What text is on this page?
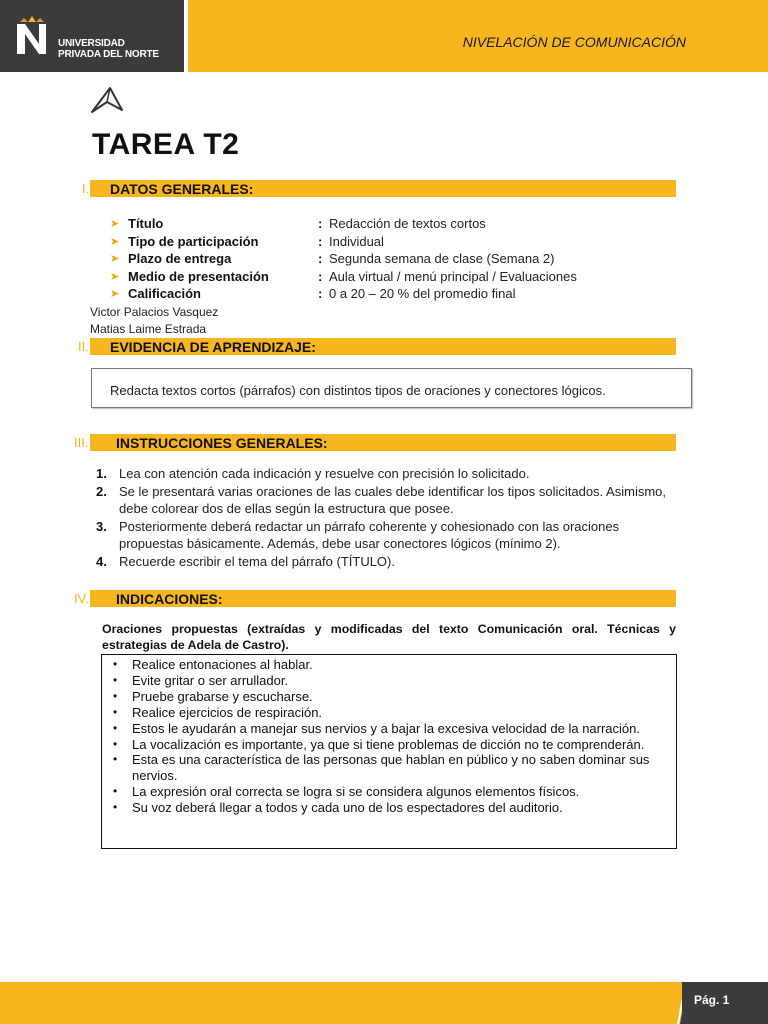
UNIVERSIDAD
PRIVADA DEL NORTE
NIVELACIÓN DE COMUNICACIÓN
TAREA T2
I. DATOS GENERALES:
➤ Título	: Redacción de textos cortos
➤ Tipo de participación	: Individual
➤ Plazo de entrega	: Segunda semana de clase (Semana 2)
➤ Medio de presentación	: Aula virtual / menú principal / Evaluaciones
➤ Calificación	: 0 a 20 – 20 % del promedio final
Victor Palacios Vasquez
Matias Laime Estrada
II. EVIDENCIA DE APRENDIZAJE:

Redacta textos cortos (párrafos) con distintos tipos de oraciones y conectores lógicos.

III. INSTRUCCIONES GENERALES:
1. Lea con atención cada indicación y resuelve con precisión lo solicitado.
2. Se le presentará varias oraciones de las cuales debe identificar los tipos solicitados. Asimismo, debe colorear dos de ellas según la estructura que posee.
3. Posteriormente deberá redactar un párrafo coherente y cohesionado con las oraciones propuestas básicamente. Además, debe usar conectores lógicos (mínimo 2).
4. Recuerde escribir el tema del párrafo (TÍTULO).
IV. INDICACIONES:

Oraciones propuestas (extraídas y modificadas del texto Comunicación oral. Técnicas y estrategias de Adela de Castro).

• Realice entonaciones al hablar.
• Evite gritar o ser arrullador.
• Pruebe grabarse y escucharse.
• Realice ejercicios de respiración.
• Estos le ayudarán a manejar sus nervios y a bajar la excesiva velocidad de la narración.
• La vocalización es importante, ya que si tiene problemas de dicción no te comprenderán.
• Esta es una característica de las personas que hablan en público y no saben dominar sus nervios.
• La expresión oral correcta se logra si se considera algunos elementos físicos.
• Su voz deberá llegar a todos y cada uno de los espectadores del auditorio.
Pág. 1
